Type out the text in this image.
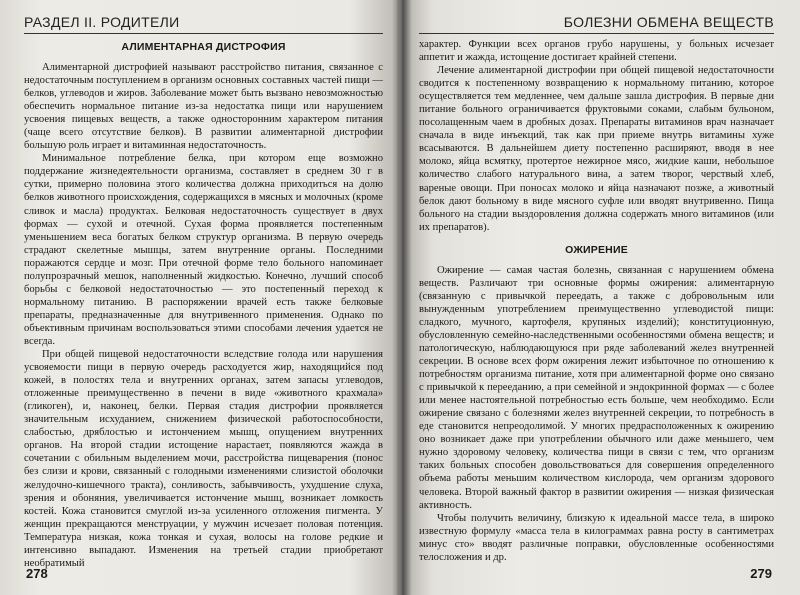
РАЗДЕЛ II. РОДИТЕЛИ
АЛИМЕНТАРНАЯ ДИСТРОФИЯ

Алиментарной дистрофией называют расстройство питания, связанное с недостаточным поступлением в организм основных составных частей пищи — белков, углеводов и жиров. Заболевание может быть вызвано невозможностью обеспечить нормальное питание из-за недостатка пищи или нарушением усвоения пищевых веществ, а также односторонним характером питания (чаще всего отсутствие белков). В развитии алиментарной дистрофии большую роль играет и витаминная недостаточность.

Минимальное потребление белка, при котором еще возможно поддержание жизнедеятельности организма, составляет в среднем 30 г в сутки, примерно половина этого количества должна приходиться на долю белков животного происхождения, содержащихся в мясных и молочных (кроме сливок и масла) продуктах. Белковая недостаточность существует в двух формах — сухой и отечной. Сухая форма проявляется постепенным уменьшением веса богатых белком структур организма. В первую очередь страдают скелетные мышцы, затем внутренние органы. Последними поражаются сердце и мозг. При отечной форме тело больного напоминает полупрозрачный мешок, наполненный жидкостью. Конечно, лучший способ борьбы с белковой недостаточностью — это постепенный переход к нормальному питанию. В распоряжении врачей есть также белковые препараты, предназначенные для внутривенного применения. Однако по объективным причинам воспользоваться этими способами лечения удается не всегда.

При общей пищевой недостаточности вследствие голода или нарушения усвояемости пищи в первую очередь расходуется жир, находящийся под кожей, в полостях тела и внутренних органах, затем запасы углеводов, отложенные преимущественно в печени в виде «животного крахмала» (гликоген), и, наконец, белки. Первая стадия дистрофии проявляется значительным исхуданием, снижением физической работоспособности, слабостью, дряблостью и истончением мышц, опущением внутренних органов. На второй стадии истощение нарастает, появляются жажда в сочетании с обильным выделением мочи, расстройства пищеварения (понос без слизи и крови, связанный с голодными изменениями слизистой оболочки желудочно-кишечного тракта), сонливость, забывчивость, ухудшение слуха, зрения и обоняния, увеличивается истончение мышц, возникает ломкость костей. Кожа становится смуглой из-за усиленного отложения пигмента. У женщин прекращаются менструации, у мужчин исчезает половая потенция. Температура низкая, кожа тонкая и сухая, волосы на голове редкие и интенсивно выпадают. Изменения на третьей стадии приобретают необратимый

278
БОЛЕЗНИ ОБМЕНА ВЕЩЕСТВ

характер. Функции всех органов грубо нарушены, у больных исчезает аппетит и жажда, истощение достигает крайней степени.

Лечение алиментарной дистрофии при общей пищевой недостаточности сводится к постепенному возвращению к нормальному питанию, которое осуществляется тем медленнее, чем дальше зашла дистрофия. В первые дни питание больного ограничивается фруктовыми соками, слабым бульоном, посолащенным чаем в дробных дозах. Препараты витаминов врач назначает сначала в виде инъекций, так как при приеме внутрь витамины хуже всасываются. В дальнейшем диету постепенно расширяют, вводя в нее молоко, яйца всмятку, протертое нежирное мясо, жидкие каши, небольшое количество слабого натурального вина, а затем творог, черствый хлеб, вареные овощи. При поносах молоко и яйца назначают позже, а животный белок дают больному в виде мясного суфле или вводят внутривенно. Пища больного на стадии выздоровления должна содержать много витаминов (или их препаратов).

ОЖИРЕНИЕ

Ожирение — самая частая болезнь, связанная с нарушением обмена веществ. Различают три основные формы ожирения: алиментарную (связанную с привычкой переедать, а также с добровольным или вынужденным употреблением преимущественно углеводистой пищи: сладкого, мучного, картофеля, крупяных изделий); конституционную, обусловленную семейно-наследственными особенностями обмена веществ; и патологическую, наблюдающуюся при ряде заболеваний желез внутренней секреции. В основе всех форм ожирения лежит избыточное по отношению к потребностям организма питание, хотя при алиментарной форме оно связано с привычкой к перееданию, а при семейной и эндокринной формах — с более или менее настоятельной потребностью есть больше, чем необходимо. Если ожирение связано с болезнями желез внутренней секреции, то потребность в еде становится непреодолимой. У многих предрасположенных к ожирению оно возникает даже при употреблении обычного или даже меньшего, чем нужно здоровому человеку, количества пищи в связи с тем, что организм таких больных способен довольствоваться для совершения определенного объема работы меньшим количеством кислорода, чем организм здорового человека. Второй важный фактор в развитии ожирения — низкая физическая активность.

Чтобы получить величину, близкую к идеальной массе тела, в широко известную формулу «масса тела в килограммах равна росту в сантиметрах минус сто» вводят различные поправки, обусловленные особенностями телосложения и др.

279
